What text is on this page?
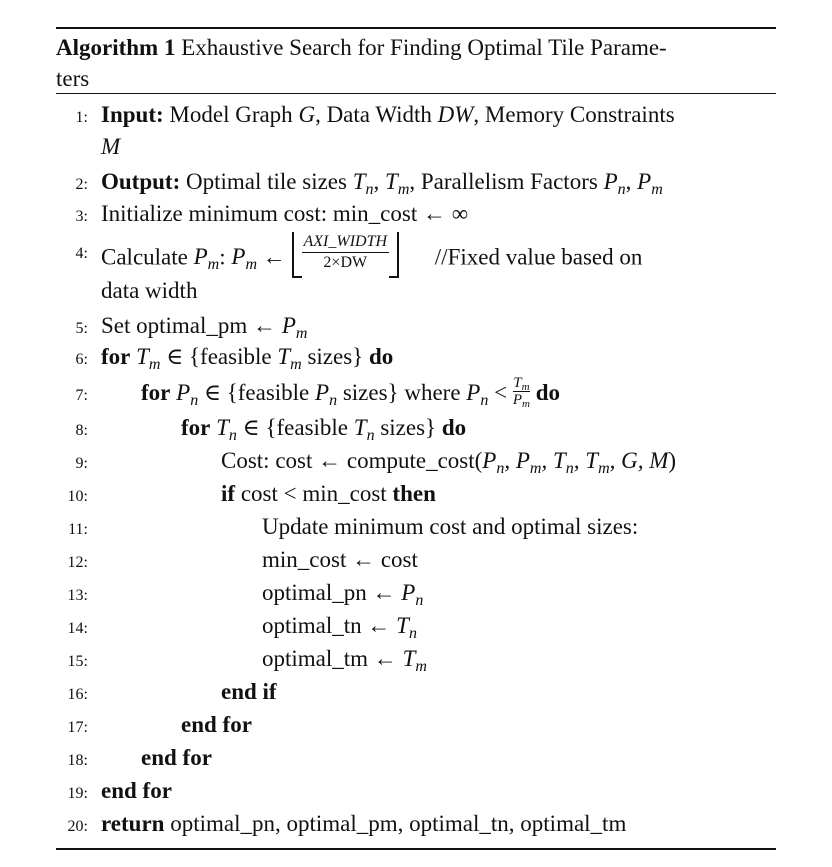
Algorithm 1 Exhaustive Search for Finding Optimal Tile Parame-
ters
1: Input: Model Graph G, Data Width DW, Memory Constraints
M
2: Output: Optimal tile sizes $T_n$, $T_m$, Parallelism Factors $P_n$, $P_m$
3: Initialize minimum cost: min_cost ← ∞
4: Calculate $P_m$: $P_m$ ← $\frac{\text{AXI\_WIDTH}}{2\times DW}$ //Fixed value based on
data width
5: Set optimal_pm ← $P_m$
6: for $T_m$ ∈ {feasible $T_m$ sizes} do
7: for $P_n$ ∈ {feasible $P_n$ sizes} where $P_n < \frac{T_m}{P_m}$ do
8:	for $T_n$ ∈ {feasible $T_n$ sizes} do
9:	Cost: cost ← $compute\_\cos t(P_n$, $P_m$, $T_n$, $T_m$, G, M)
10:	if cost < min_cost then
11:	Update minimum cost and optimal sizes:
12:	min_cost ← cost
13:	optimal_pn ← $P_n$
14:	optimal_tn ← $T_n$
15:	optimal_tm ← $T_m$
16:	end if
17:	end for
18: end for
19: end for
20: return optimal_pn, optimal_pm, optimal_tn, optimal_tm
